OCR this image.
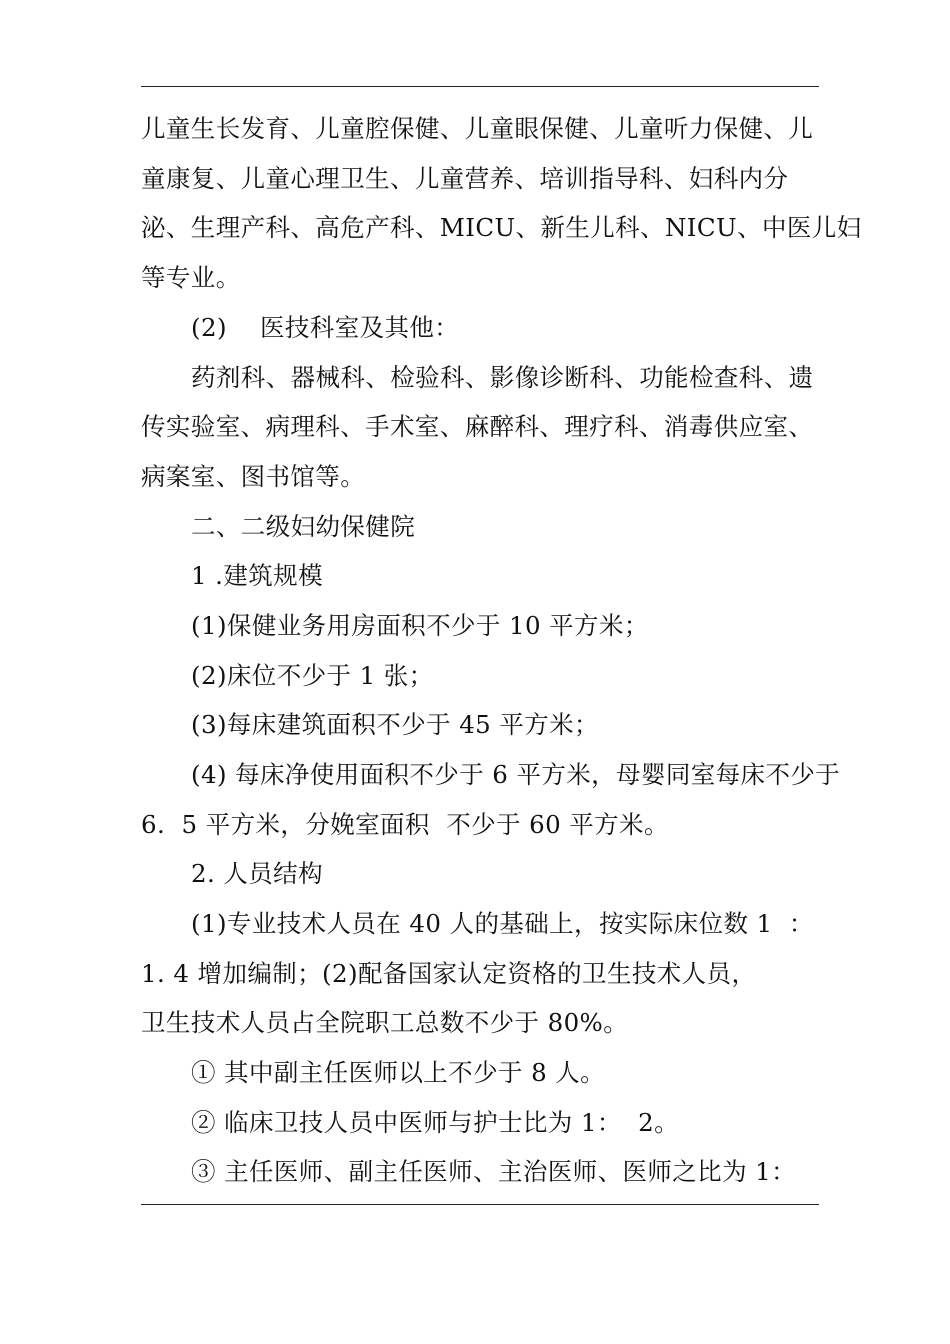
儿童生长发育、儿童腔保健、儿童眼保健、儿童听力保健、儿
童康复、儿童心理卫生、儿童营养、培训指导科、妇科内分
泌、生理产科、高危产科、MICU、新生儿科、NICU、中医儿妇
等专业。
(2)　 医技科室及其他：
药剂科、器械科、检验科、影像诊断科、功能检查科、遗
传实验室、病理科、手术室、麻醉科、理疗科、消毒供应室、
病案室、图书馆等。
二、二级妇幼保健院
1 .建筑规模
(1)保健业务用房面积不少于 10 平方米；
(2)床位不少于 1 张；
(3)每床建筑面积不少于 45 平方米；
(4) 每床净使用面积不少于 6 平方米，母婴同室每床不少于
6.  5 平方米，分娩室面积  不少于 60 平方米。
2. 人员结构
(1)专业技术人员在 40 人的基础上，按实际床位数 1  ：
1. 4 增加编制；(2)配备国家认定资格的卫生技术人员，
卫生技术人员占全院职工总数不少于 80%。
① 其中副主任医师以上不少于 8 人。
② 临床卫技人员中医师与护士比为 1：  2。
③ 主任医师、副主任医师、主治医师、医师之比为 1：
